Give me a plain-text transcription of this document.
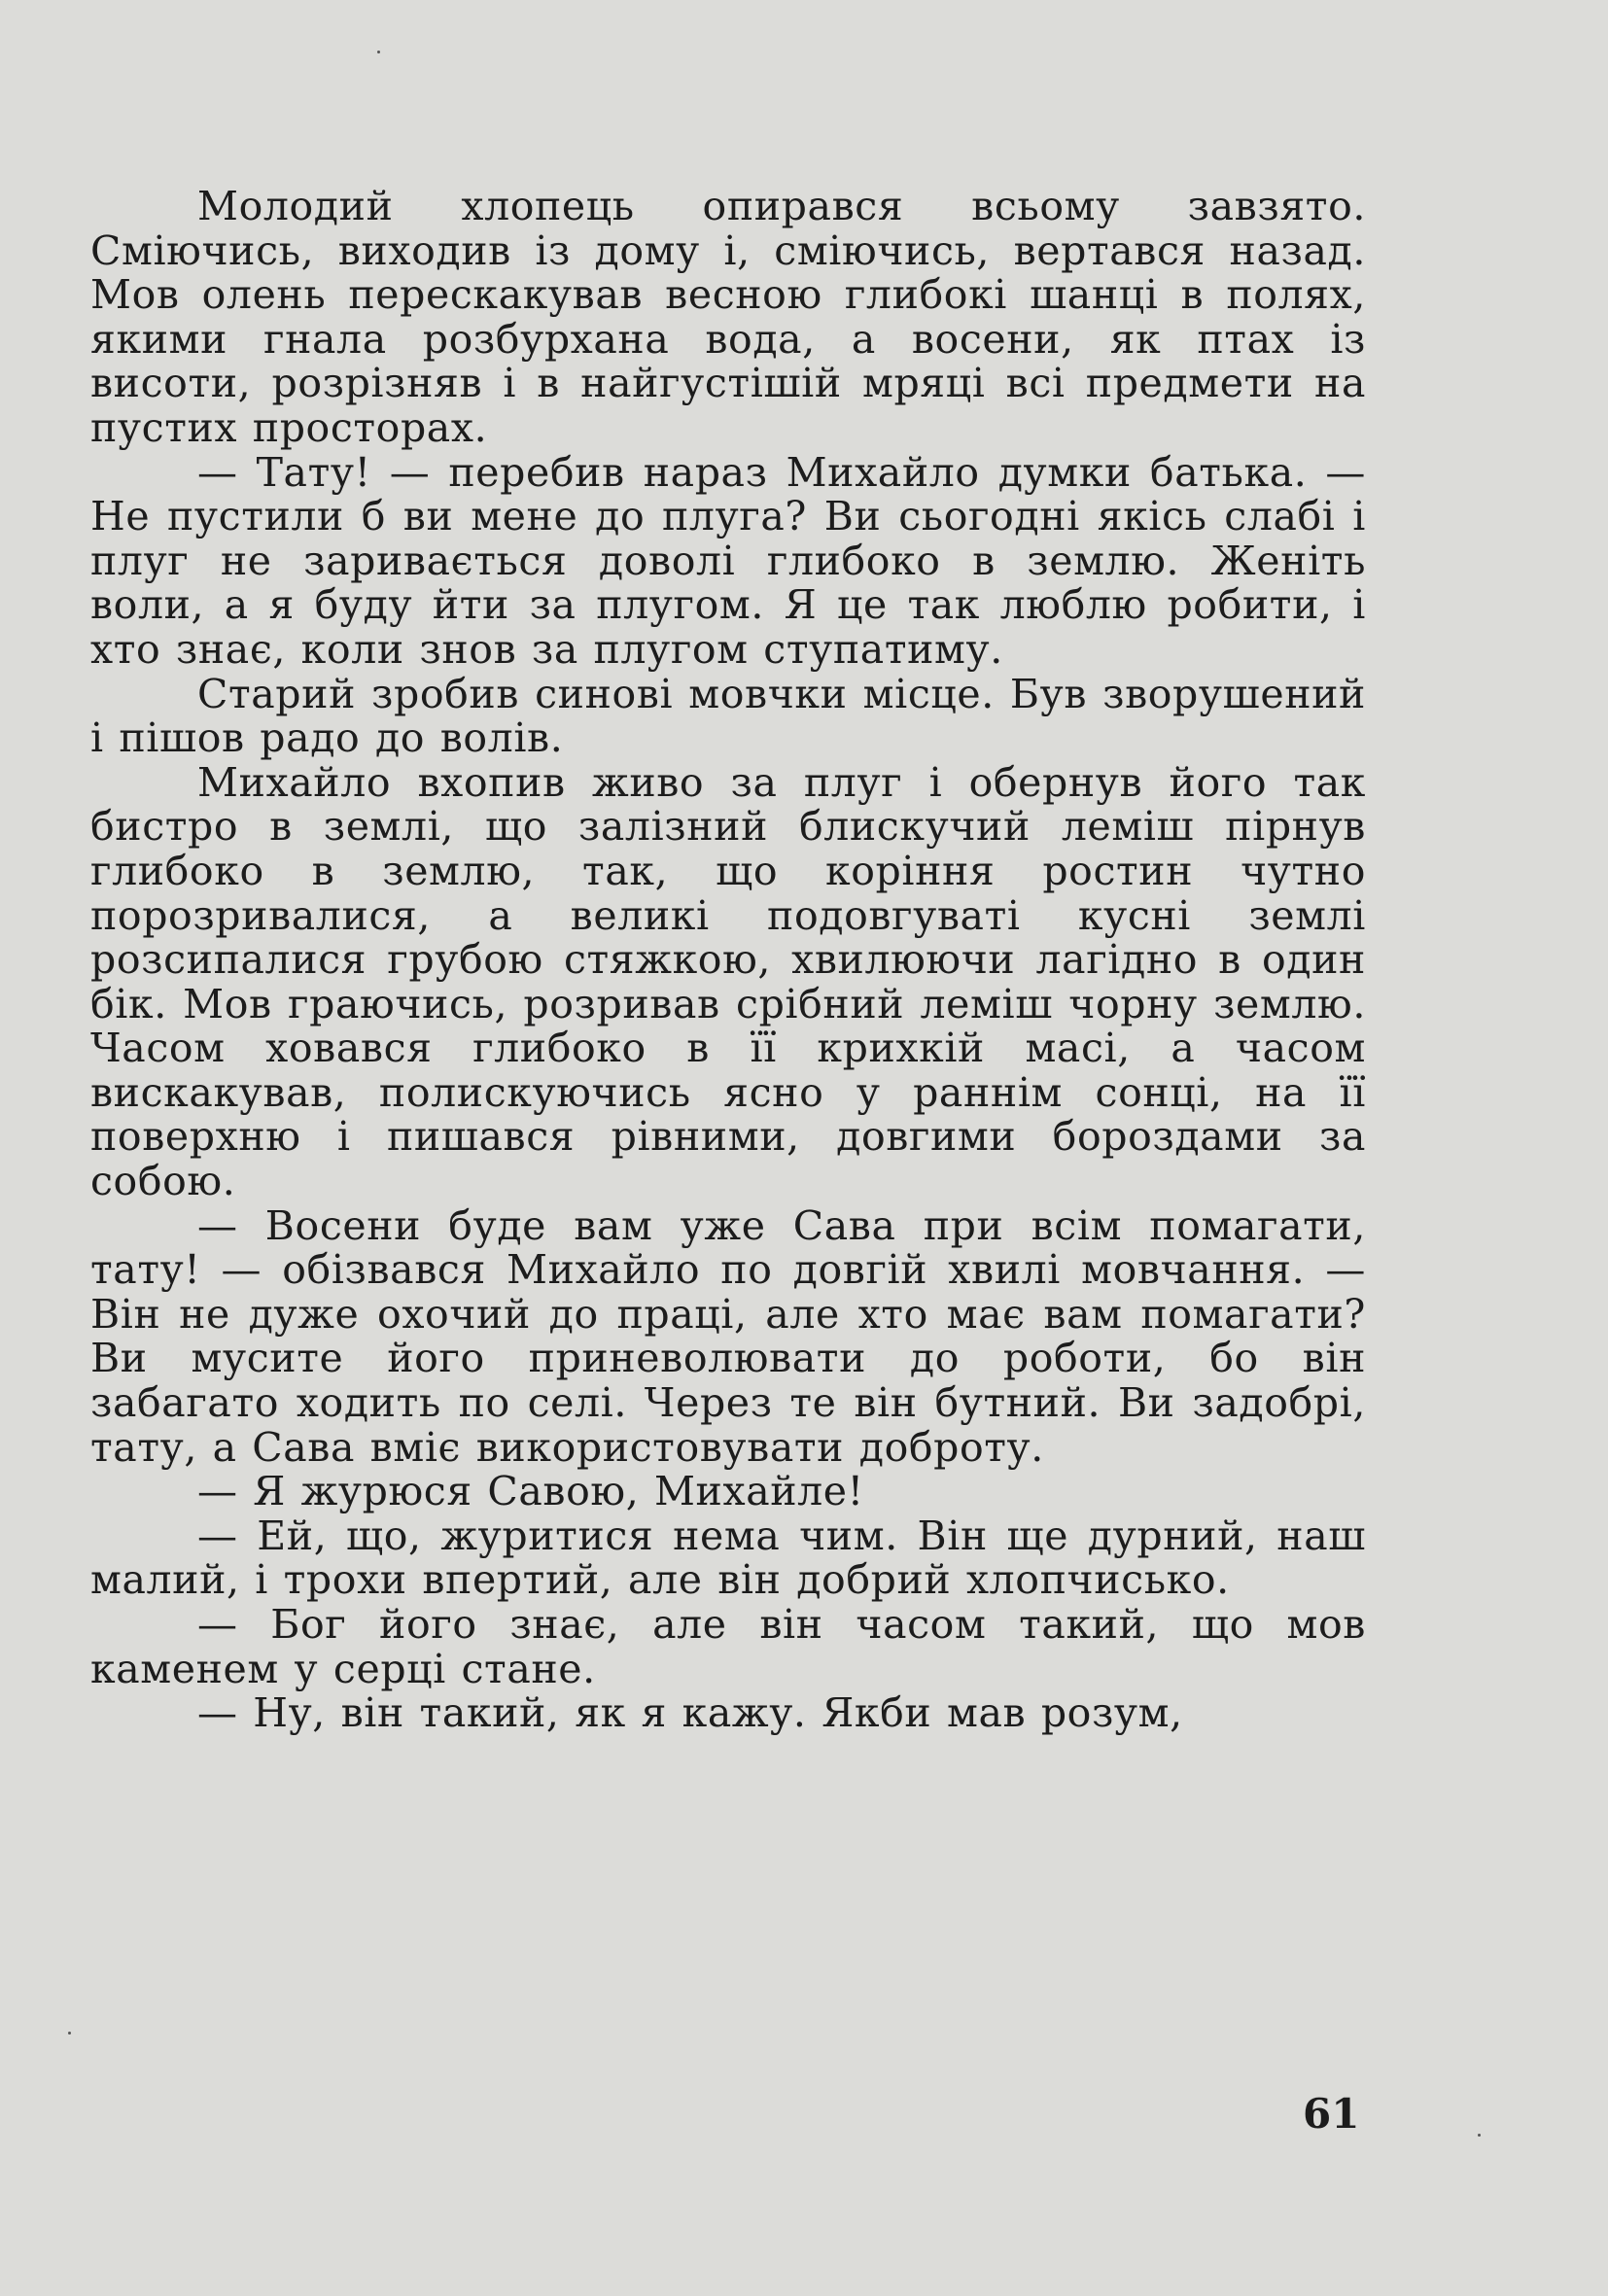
Молодий хлопець опирався всьому завзято. Сміючись, виходив із дому і, сміючись, вертався назад. Мов олень перескакував весною глибокі шанці в полях, якими гнала розбурхана вода, а восени, як птах із висоти, розрізняв і в найгустішій мряці всі предмети на пустих просторах.

— Тату! — перебив нараз Михайло думки батька. — Не пустили б ви мене до плуга? Ви сьогодні якісь слабі і плуг не заривається доволі глибоко в землю. Женіть воли, а я буду йти за плугом. Я це так люблю робити, і хто знає, коли знов за плугом ступатиму.

Старий зробив синові мовчки місце. Був зворушений і пішов радо до волів.

Михайло вхопив живо за плуг і обернув його так бистро в землі, що залізний блискучий леміш пірнув глибоко в землю, так, що коріння ростин чутно порозривалися, а великі подовгуваті кусні землі розсипалися грубою стяжкою, хвилюючи лагідно в один бік. Мов граючись, розривав срібний леміш чорну землю. Часом ховався глибоко в її крихкій масі, а часом вискакував, полискуючись ясно у раннім сонці, на її поверхню і пишався рівними, довгими бороздами за собою.

— Восени буде вам уже Сава при всім помагати, тату! — обізвався Михайло по довгій хвилі мовчання. — Він не дуже охочий до праці, але хто має вам помагати? Ви мусите його приневолювати до роботи, бо він забагато ходить по селі. Через те він бутний. Ви задобрі, тату, а Сава вміє використовувати доброту.

— Я журюся Савою, Михайле!

— Ей, що, журитися нема чим. Він ще дурний, наш малий, і трохи впертий, але він добрий хлопчисько.

— Бог його знає, але він часом такий, що мов каменем у серці стане.

— Ну, він такий, як я кажу. Якби мав розум,

61
